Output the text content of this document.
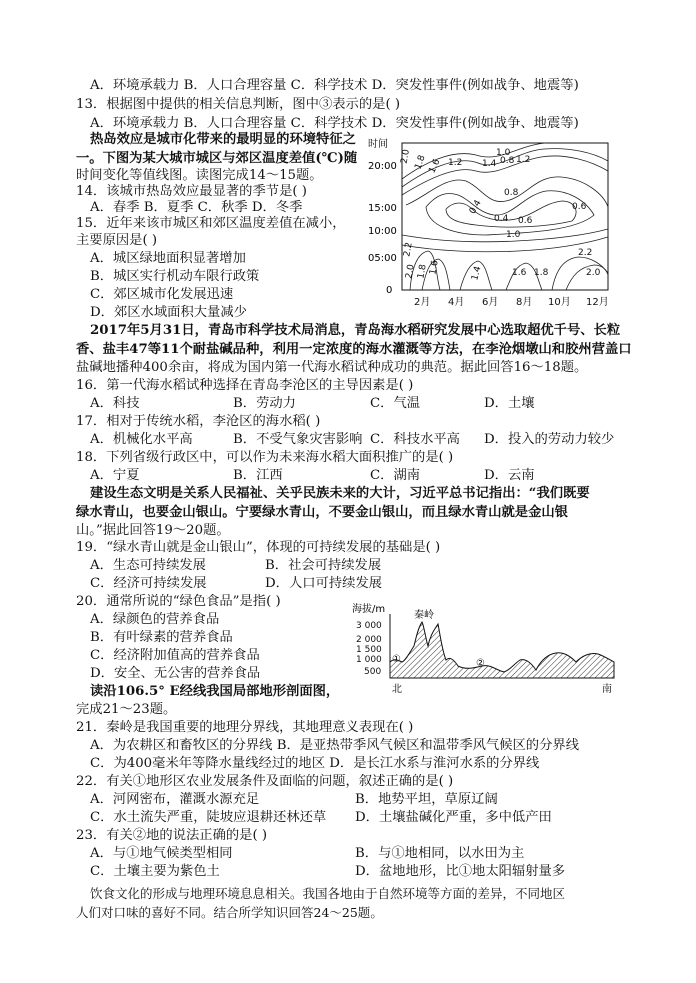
A．环境承载力 B．人口合理容量 C．科学技术 D．突发性事件(例如战争、地震等)
13．根据图中提供的相关信息判断，图中③表示的是( )
A．环境承载力 B．人口合理容量 C．科学技术 D．突发性事件(例如战争、地震等)
热岛效应是城市化带来的最明显的环境特征之
一。下图为某大城市城区与郊区温度差值(℃)随
时间变化等值线图。读图完成14～15题。
14．该城市热岛效应最显著的季节是( )
A．春季 B．夏季 C．秋季 D．冬季
15．近年来该市城区和郊区温度差值在减小，
主要原因是( )
A．城区绿地面积显著增加
B．城区实行机动车限行政策
C．郊区城市化发展迅速
D．郊区水域面积大量减少
时间
20:00
15:00
10:00
05:00
0
2.0 1.8 1.6	1.4
1.2
1.0
0.8 1.2
0.8
0.4
0.4 0.6
0.6
1.0
2.2
2.0 1.8 1.6	1.4	1.6 1.8
2.2
2.0
2月 4月 6月 8月 10月 12月
2017年5月31日，青岛市科学技术局消息，青岛海水稻研究发展中心选取超优千号、长粒
香、盐丰47等11个耐盐碱品种，利用一定浓度的海水灌溉等方法，在李沧烟墩山和胶州营盖口
盐碱地播种400余亩，将成为国内第一代海水稻试种成功的典范。据此回答16～18题。
16．第一代海水稻试种选择在青岛李沧区的主导因素是( )
A．科技	B．劳动力	C．气温	D．土壤
17．相对于传统水稻，李沧区的海水稻( )
A．机械化水平高	B．不受气象灾害影响 C．科技水平高 D．投入的劳动力较少
18．下列省级行政区中，可以作为未来海水稻大面积推广的是( )
A．宁夏	B．江西	C．湖南	D．云南
建设生态文明是关系人民福祉、关乎民族未来的大计，习近平总书记指出：“我们既要
绿水青山，也要金山银山。宁要绿水青山，不要金山银山，而且绿水青山就是金山银
山。”据此回答19～20题。
19．“绿水青山就是金山银山”，体现的可持续发展的基础是( )
A．生态可持续发展	B．社会可持续发展
C．经济可持续发展	D．人口可持续发展
20．通常所说的“绿色食品”是指( )
A．绿颜色的营养食品
B．有叶绿素的营养食品
C．经济附加值高的营养食品
D．安全、无公害的营养食品
读沿106.5° E经线我国局部地形剖面图，
完成21～23题。
海拔/m
3 000
2 000
1 500
1 000
500
秦岭
①	②
北	南
21．秦岭是我国重要的地理分界线，其地理意义表现在( )
A．为农耕区和畜牧区的分界线 B．是亚热带季风气候区和温带季风气候区的分界线
C．为400毫米年等降水量线经过的地区 D．是长江水系与淮河水系的分界线
22．有关①地形区农业发展条件及面临的问题，叙述正确的是( )
A．河网密布，灌溉水源充足	B．地势平坦，草原辽阔
C．水土流失严重，陡坡应退耕还林还草 D．土壤盐碱化严重，多中低产田
23．有关②地的说法正确的是( )
A．与①地气候类型相同	B．与①地相同，以水田为主
C．土壤主要为紫色土	D．盆地地形，比①地太阳辐射量多
饮食文化的形成与地理环境息息相关。我国各地由于自然环境等方面的差异，不同地区
人们对口味的喜好不同。结合所学知识回答24～25题。
